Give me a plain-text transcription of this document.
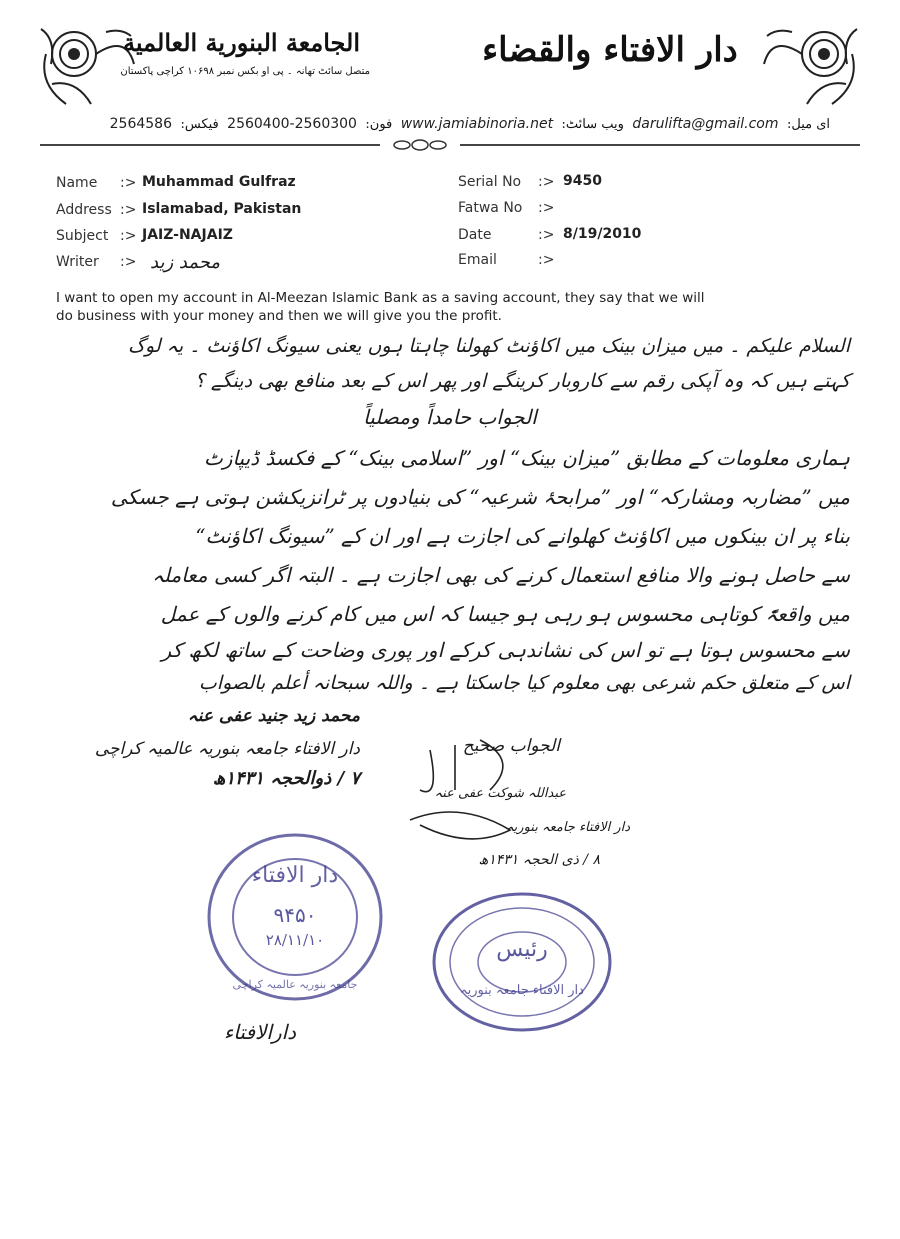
الجامعة البنورية العالمية
متصل سائٹ تھانہ ۔ پی او بکس نمبر ۱۰۶۹۸ کراچی پاکستان
دار الافتاء والقضاء
ای میل: darulifta@gmail.com ویب سائٹ: www.jamiabinoria.net فون: 2560300-2560400 فیکس: 2564586
Name :> Muhammad Gulfraz
Address :> Islamabad, Pakistan
Subject :> JAIZ-NAJAIZ
Writer :> محمد زید
Serial No :> 9450
Fatwa No :>
Date	:> 8/19/2010
Email	:>
I want to open my account in Al-Meezan Islamic Bank as a saving account, they say that we will
do business with your money and then we will give you the profit.
السلام علیکم ۔ میں میزان بینک میں اکاؤنٹ کھولنا چاہتا ہوں یعنی سیونگ اکاؤنٹ ۔ یہ لوگ
کہتے ہیں کہ وہ آپکی رقم سے کاروبار کرینگے اور پھر اس کے بعد منافع بھی دینگے ؟
الجواب حامداً ومصلیاً
ہماری معلومات کے مطابق ”میزان بینک“ اور ”اسلامی بینک“ کے فکسڈ ڈیپازٹ
میں ”مضاربہ ومشارکہ“ اور ”مرابحۂ شرعیہ“ کی بنیادوں پر ٹرانزیکشن ہوتی ہے جسکی
بناء پر ان بینکوں میں اکاؤنٹ کھلوانے کی اجازت ہے اور ان کے ”سیونگ اکاؤنٹ“
سے حاصل ہونے والا منافع استعمال کرنے کی بھی اجازت ہے ۔ البتہ اگر کسی معاملہ
میں واقعۃً کوتاہی محسوس ہو رہی ہو جیسا کہ اس میں کام کرنے والوں کے عمل
سے محسوس ہوتا ہے تو اس کی نشاندہی کرکے اور پوری وضاحت کے ساتھ لکھ کر
اس کے متعلق حکم شرعی بھی معلوم کیا جاسکتا ہے ۔ واللہ سبحانہ أعلم بالصواب
محمد زید جنید عفی عنہ
دار الافتاء جامعہ بنوریہ عالمیہ کراچی
۷ / ذوالحجہ ۱۴۳۱ھ
الجواب صحیح
عبداللہ شوکت عفی عنہ
دار الافتاء جامعہ بنوریہ
۸ / ذی الحجہ ۱۴۳۱ھ
دار الافتاء
۹۴۵۰
۲۸/۱۱/۱۰
جامعہ بنوریہ عالمیہ کراچی
رئیس
دار الافتاء جامعہ بنوریہ
دارالافتاء
